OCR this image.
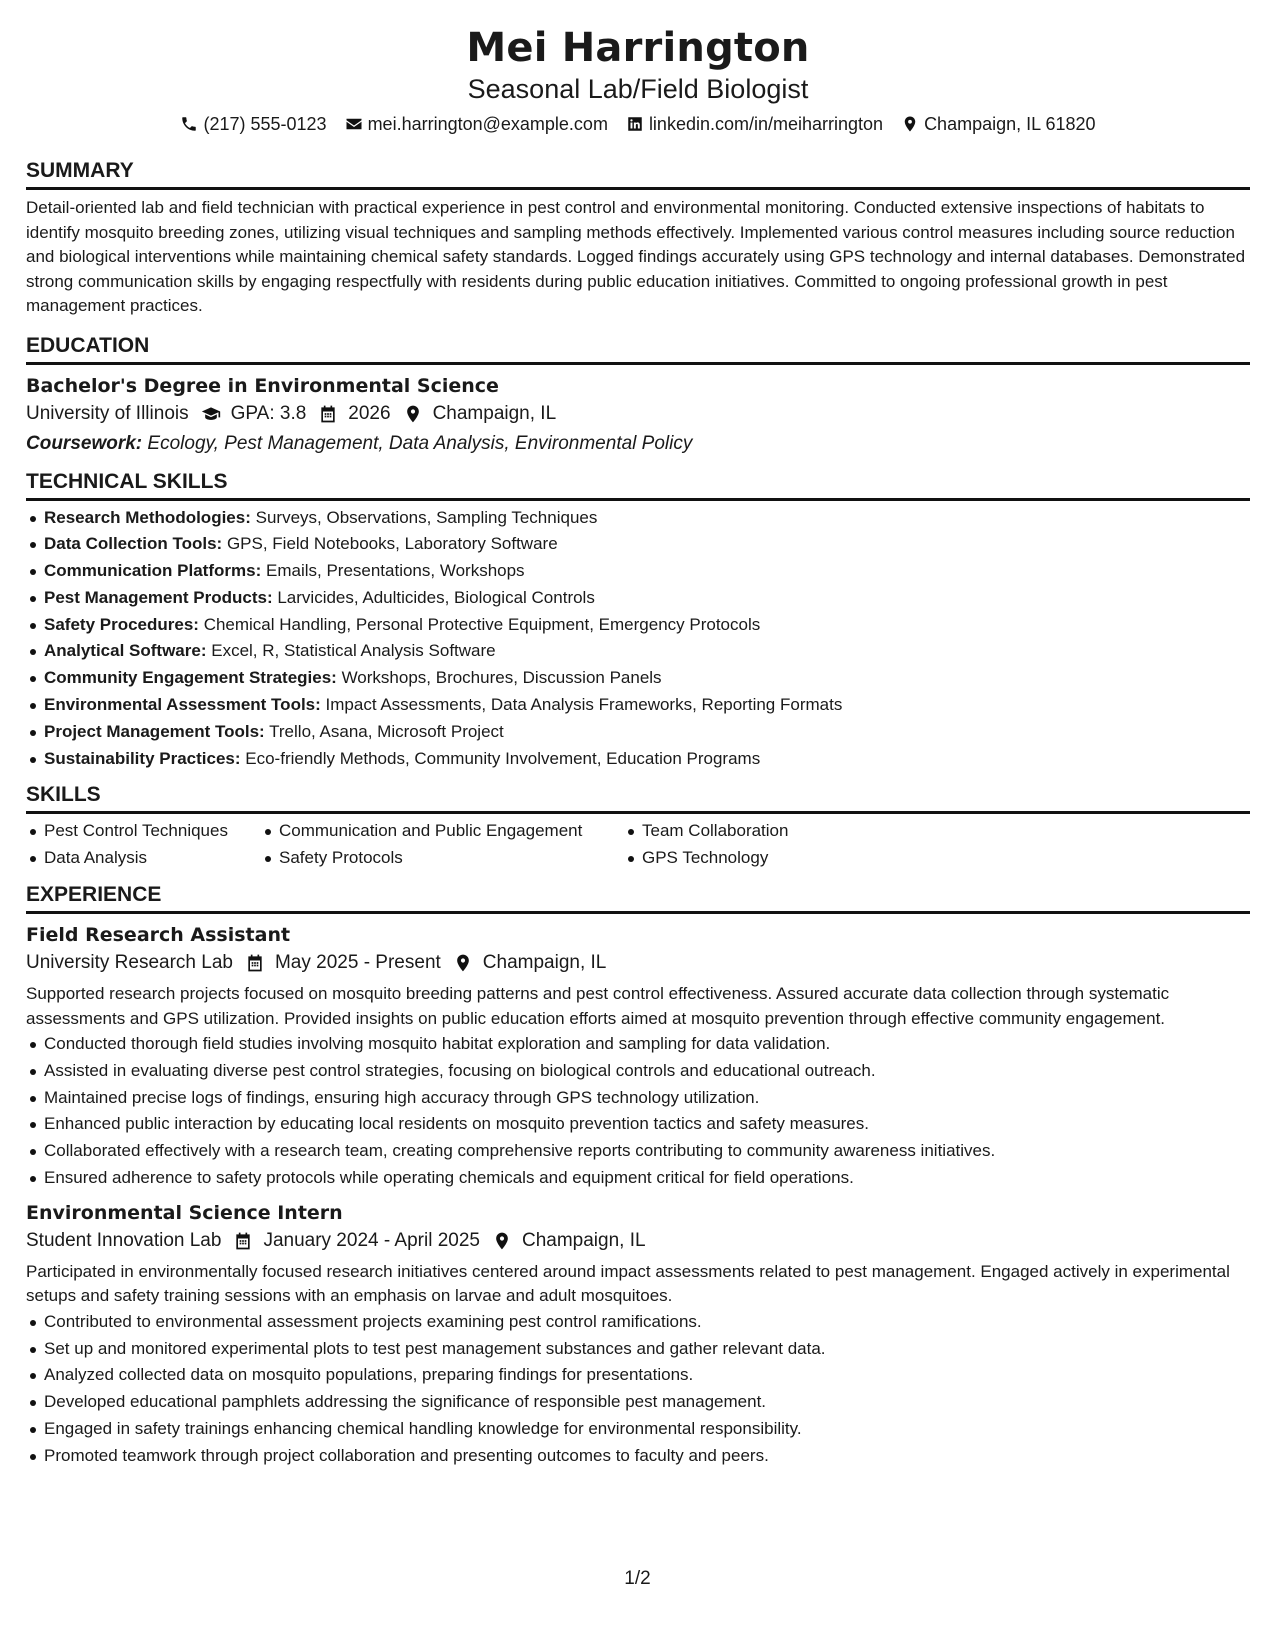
Mei Harrington
Seasonal Lab/Field Biologist
(217) 555-0123 mei.harrington@example.com linkedin.com/in/meiharrington Champaign, IL 61820
SUMMARY

Detail-oriented lab and field technician with practical experience in pest control and environmental monitoring. Conducted extensive inspections of habitats to identify mosquito breeding zones, utilizing visual techniques and sampling methods effectively. Implemented various control measures including source reduction and biological interventions while maintaining chemical safety standards. Logged findings accurately using GPS technology and internal databases. Demonstrated strong communication skills by engaging respectfully with residents during public education initiatives. Committed to ongoing professional growth in pest management practices.

EDUCATION
Bachelor's Degree in Environmental Science
University of Illinois GPA: 3.8 2026 Champaign, IL
Coursework: Ecology, Pest Management, Data Analysis, Environmental Policy
TECHNICAL SKILLS
Research Methodologies: Surveys, Observations, Sampling Techniques
Data Collection Tools: GPS, Field Notebooks, Laboratory Software
Communication Platforms: Emails, Presentations, Workshops
Pest Management Products: Larvicides, Adulticides, Biological Controls
Safety Procedures: Chemical Handling, Personal Protective Equipment, Emergency Protocols
Analytical Software: Excel, R, Statistical Analysis Software
Community Engagement Strategies: Workshops, Brochures, Discussion Panels
Environmental Assessment Tools: Impact Assessments, Data Analysis Frameworks, Reporting Formats
Project Management Tools: Trello, Asana, Microsoft Project
Sustainability Practices: Eco-friendly Methods, Community Involvement, Education Programs
SKILLS
Pest Control Techniques
Data Analysis
Communication and Public Engagement
Safety Protocols
Team Collaboration
GPS Technology
EXPERIENCE
Field Research Assistant
University Research Lab May 2025 - Present Champaign, IL

Supported research projects focused on mosquito breeding patterns and pest control effectiveness. Assured accurate data collection through systematic assessments and GPS utilization. Provided insights on public education efforts aimed at mosquito prevention through effective community engagement.

Conducted thorough field studies involving mosquito habitat exploration and sampling for data validation.
Assisted in evaluating diverse pest control strategies, focusing on biological controls and educational outreach.
Maintained precise logs of findings, ensuring high accuracy through GPS technology utilization.
Enhanced public interaction by educating local residents on mosquito prevention tactics and safety measures.
Collaborated effectively with a research team, creating comprehensive reports contributing to community awareness initiatives.
Ensured adherence to safety protocols while operating chemicals and equipment critical for field operations.
Environmental Science Intern
Student Innovation Lab January 2024 - April 2025 Champaign, IL

Participated in environmentally focused research initiatives centered around impact assessments related to pest management. Engaged actively in experimental setups and safety training sessions with an emphasis on larvae and adult mosquitoes.

Contributed to environmental assessment projects examining pest control ramifications.
Set up and monitored experimental plots to test pest management substances and gather relevant data.
Analyzed collected data on mosquito populations, preparing findings for presentations.
Developed educational pamphlets addressing the significance of responsible pest management.
Engaged in safety trainings enhancing chemical handling knowledge for environmental responsibility.
Promoted teamwork through project collaboration and presenting outcomes to faculty and peers.
1/2
